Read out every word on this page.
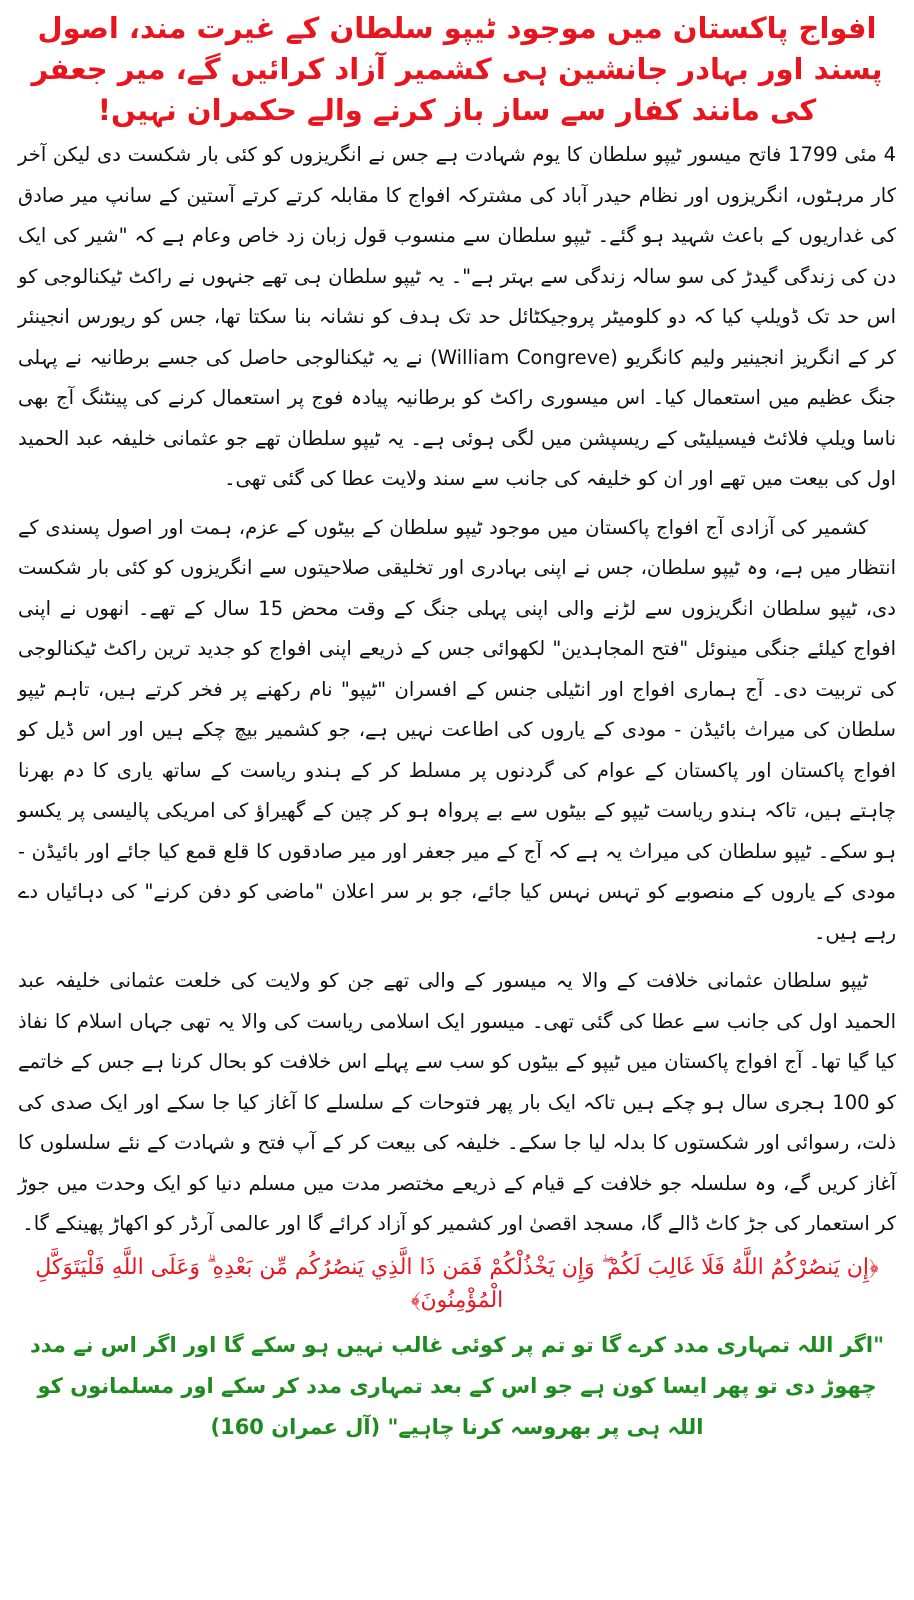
افواج پاکستان میں موجود ٹیپو سلطان کے غیرت مند، اصول پسند اور بہادر جانشین ہی کشمیر آزاد کرائیں گے، میر جعفر کی مانند کفار سے ساز باز کرنے والے حکمران نہیں!

4 مئی 1799 فاتح میسور ٹیپو سلطان کا یوم شہادت ہے جس نے انگریزوں کو کئی بار شکست دی لیکن آخر کار مرہٹوں، انگریزوں اور نظام حیدر آباد کی مشترکہ افواج کا مقابلہ کرتے کرتے آستین کے سانپ میر صادق کی غداریوں کے باعث شہید ہو گئے۔ ٹیپو سلطان سے منسوب قول زبان زد خاص وعام ہے کہ "شیر کی ایک دن کی زندگی گیدڑ کی سو سالہ زندگی سے بہتر ہے"۔ یہ ٹیپو سلطان ہی تھے جنہوں نے راکٹ ٹیکنالوجی کو اس حد تک ڈویلپ کیا کہ دو کلومیٹر پروجیکٹائل حد تک ہدف کو نشانہ بنا سکتا تھا، جس کو ریورس انجینئر کر کے انگریز انجینیر ولیم کانگریو (William Congreve) نے یہ ٹیکنالوجی حاصل کی جسے برطانیہ نے پہلی جنگ عظیم میں استعمال کیا۔ اس میسوری راکٹ کو برطانیہ پیادہ فوج پر استعمال کرنے کی پینٹنگ آج بھی ناسا ویلپ فلائٹ فیسیلیٹی کے ریسپشن میں لگی ہوئی ہے۔ یہ ٹیپو سلطان تھے جو عثمانی خلیفہ عبد الحمید اول کی بیعت میں تھے اور ان کو خلیفہ کی جانب سے سند ولایت عطا کی گئی تھی۔

کشمیر کی آزادی آج افواج پاکستان میں موجود ٹیپو سلطان کے بیٹوں کے عزم، ہمت اور اصول پسندی کے انتظار میں ہے، وہ ٹیپو سلطان، جس نے اپنی بہادری اور تخلیقی صلاحیتوں سے انگریزوں کو کئی بار شکست دی، ٹیپو سلطان انگریزوں سے لڑنے والی اپنی پہلی جنگ کے وقت محض 15 سال کے تھے۔ انھوں نے اپنی افواج کیلئے جنگی مینوئل "فتح المجاہدین" لکھوائی جس کے ذریعے اپنی افواج کو جدید ترین راکٹ ٹیکنالوجی کی تربیت دی۔ آج ہماری افواج اور انٹیلی جنس کے افسران "ٹیپو" نام رکھنے پر فخر کرتے ہیں، تاہم ٹیپو سلطان کی میراث بائیڈن - مودی کے یاروں کی اطاعت نہیں ہے، جو کشمیر بیچ چکے ہیں اور اس ڈیل کو افواج پاکستان اور پاکستان کے عوام کی گردنوں پر مسلط کر کے ہندو ریاست کے ساتھ یاری کا دم بھرنا چاہتے ہیں، تاکہ ہندو ریاست ٹیپو کے بیٹوں سے بے پرواہ ہو کر چین کے گھیراؤ کی امریکی پالیسی پر یکسو ہو سکے۔ ٹیپو سلطان کی میراث یہ ہے کہ آج کے میر جعفر اور میر صادقوں کا قلع قمع کیا جائے اور بائیڈن - مودی کے یاروں کے منصوبے کو تہس نہس کیا جائے، جو بر سر اعلان "ماضی کو دفن کرنے" کی دہائیاں دے رہے ہیں۔

ٹیپو سلطان عثمانی خلافت کے والا یہ میسور کے والی تھے جن کو ولایت کی خلعت عثمانی خلیفہ عبد الحمید اول کی جانب سے عطا کی گئی تھی۔ میسور ایک اسلامی ریاست کی والا یہ تھی جہاں اسلام کا نفاذ کیا گیا تھا۔ آج افواج پاکستان میں ٹیپو کے بیٹوں کو سب سے پہلے اس خلافت کو بحال کرنا ہے جس کے خاتمے کو 100 ہجری سال ہو چکے ہیں تاکہ ایک بار پھر فتوحات کے سلسلے کا آغاز کیا جا سکے اور ایک صدی کی ذلت، رسوائی اور شکستوں کا بدلہ لیا جا سکے۔ خلیفہ کی بیعت کر کے آپ فتح و شہادت کے نئے سلسلوں کا آغاز کریں گے، وہ سلسلہ جو خلافت کے قیام کے ذریعے مختصر مدت میں مسلم دنیا کو ایک وحدت میں جوڑ کر استعمار کی جڑ کاٹ ڈالے گا، مسجد اقصیٰ اور کشمیر کو آزاد کرائے گا اور عالمی آرڈر کو اکھاڑ پھینکے گا۔

﴿إِن يَنصُرْكُمُ اللَّهُ فَلَا غَالِبَ لَكُمْ ۖ وَإِن يَخْذُلْكُمْ فَمَن ذَا الَّذِي يَنصُرُكُم مِّن بَعْدِهِ ۗ وَعَلَى اللَّهِ فَلْيَتَوَكَّلِ الْمُؤْمِنُونَ﴾

"اگر اللہ تمہاری مدد کرے گا تو تم پر کوئی غالب نہیں ہو سکے گا اور اگر اس نے مدد چھوڑ دی تو پھر ایسا کون ہے جو اس کے بعد تمہاری مدد کر سکے اور مسلمانوں کو اللہ ہی پر بھروسہ کرنا چاہیے" (آل عمران 160)
